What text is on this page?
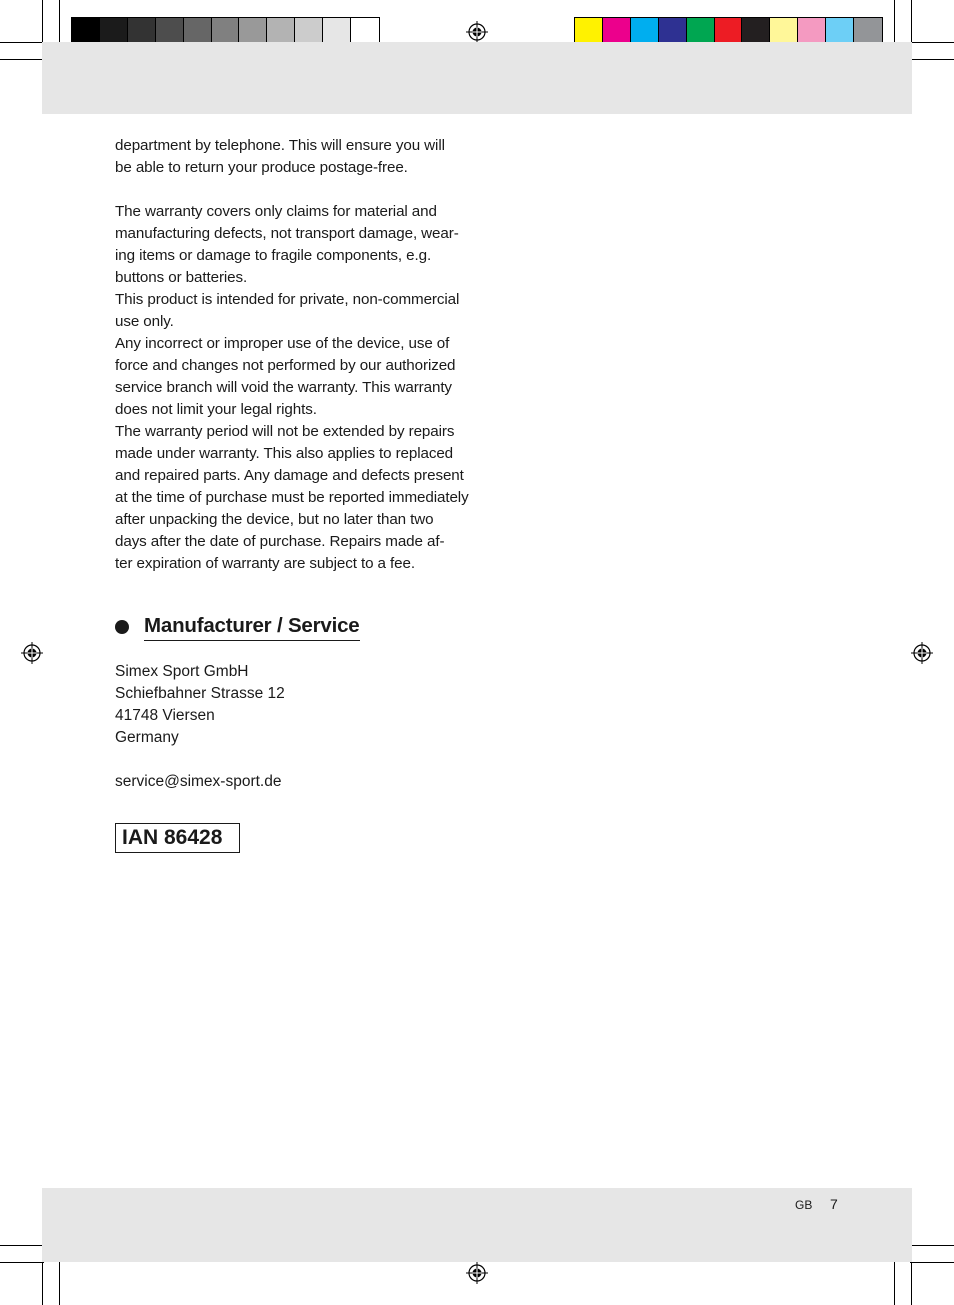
department by telephone. This will ensure you will
be able to return your produce postage-free.

The warranty covers only claims for material and
manufacturing defects, not transport damage, wear-
ing items or damage to fragile components, e.g.
buttons or batteries.

This product is intended for private, non-commercial
use only.

Any incorrect or improper use of the device, use of
force and changes not performed by our authorized
service branch will void the warranty. This warranty
does not limit your legal rights.

The warranty period will not be extended by repairs
made under warranty. This also applies to replaced
and repaired parts. Any damage and defects present
at the time of purchase must be reported immediately
after unpacking the device, but no later than two
days after the date of purchase. Repairs made af-
ter expiration of warranty are subject to a fee.

Manufacturer / Service
Simex Sport GmbH
Schiefbahner Strasse 12
41748 Viersen
Germany
service@simex-sport.de
IAN 86428
GB 7
